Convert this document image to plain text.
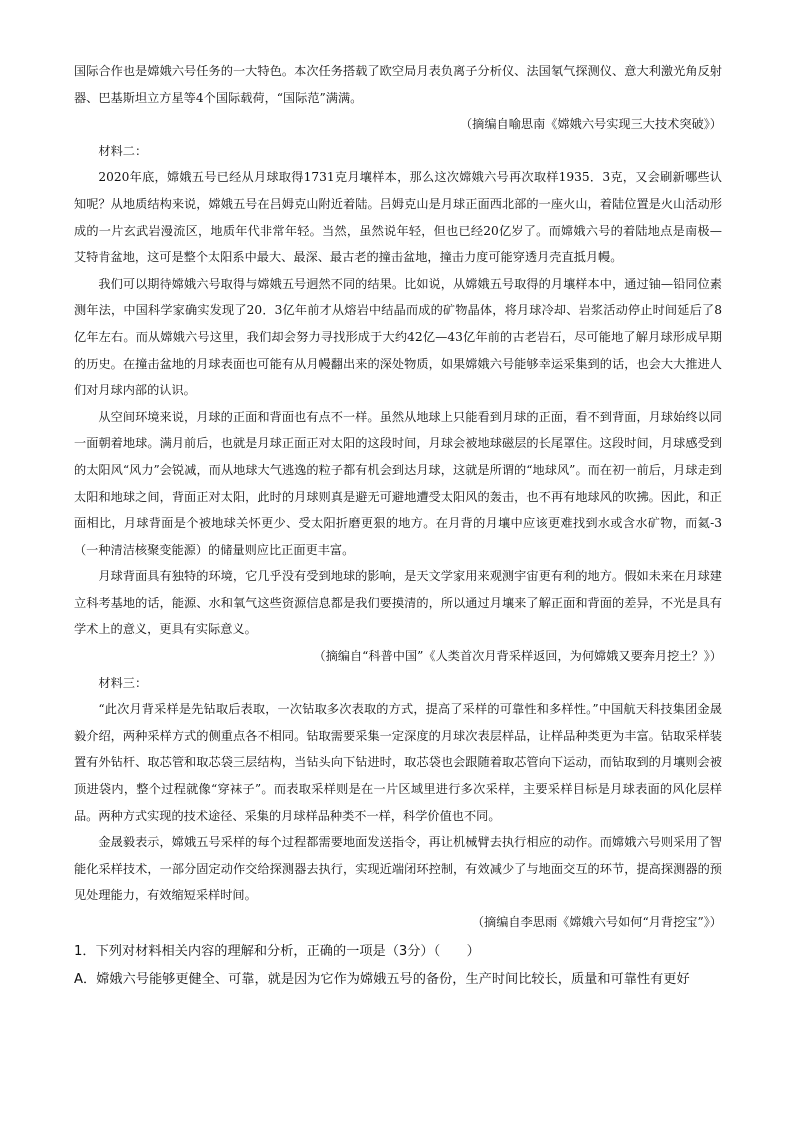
国际合作也是嫦娥六号任务的一大特色。本次任务搭载了欧空局月表负离子分析仪、法国氡气探测仪、意大利激光角反射器、巴基斯坦立方星等4个国际载荷，“国际范”满满。

（摘编自喻思南《嫦娥六号实现三大技术突破》）

材料二：

2020年底，嫦娥五号已经从月球取得1731克月壤样本，那么这次嫦娥六号再次取样1935．3克，又会刷新哪些认知呢？从地质结构来说，嫦娥五号在吕姆克山附近着陆。吕姆克山是月球正面西北部的一座火山，着陆位置是火山活动形成的一片玄武岩漫流区，地质年代非常年轻。当然，虽然说年轻，但也已经20亿岁了。而嫦娥六号的着陆地点是南极—艾特肯盆地，这可是整个太阳系中最大、最深、最古老的撞击盆地，撞击力度可能穿透月壳直抵月幔。

我们可以期待嫦娥六号取得与嫦娥五号迥然不同的结果。比如说，从嫦娥五号取得的月壤样本中，通过铀—铅同位素测年法，中国科学家确实发现了20．3亿年前才从熔岩中结晶而成的矿物晶体，将月球冷却、岩浆活动停止时间延后了8亿年左右。而从嫦娥六号这里，我们却会努力寻找形成于大约42亿—43亿年前的古老岩石，尽可能地了解月球形成早期的历史。在撞击盆地的月球表面也可能有从月幔翻出来的深处物质，如果嫦娥六号能够幸运采集到的话，也会大大推进人们对月球内部的认识。

从空间环境来说，月球的正面和背面也有点不一样。虽然从地球上只能看到月球的正面，看不到背面，月球始终以同一面朝着地球。满月前后，也就是月球正面正对太阳的这段时间，月球会被地球磁层的长尾罩住。这段时间，月球感受到的太阳风“风力”会锐减，而从地球大气逃逸的粒子都有机会到达月球，这就是所谓的“地球风”。而在初一前后，月球走到太阳和地球之间，背面正对太阳，此时的月球则真是避无可避地遭受太阳风的轰击，也不再有地球风的吹拂。因此，和正面相比，月球背面是个被地球关怀更少、受太阳折磨更狠的地方。在月背的月壤中应该更难找到水或含水矿物，而氦-3（一种清洁核聚变能源）的储量则应比正面更丰富。

月球背面具有独特的环境，它几乎没有受到地球的影响，是天文学家用来观测宇宙更有利的地方。假如未来在月球建立科考基地的话，能源、水和氧气这些资源信息都是我们要摸清的，所以通过月壤来了解正面和背面的差异，不光是具有学术上的意义，更具有实际意义。

（摘编自“科普中国”《人类首次月背采样返回，为何嫦娥又要奔月挖土？》）

材料三：

“此次月背采样是先钻取后表取，一次钻取多次表取的方式，提高了采样的可靠性和多样性。”中国航天科技集团金晟毅介绍，两种采样方式的侧重点各不相同。钻取需要采集一定深度的月球次表层样品，让样品种类更为丰富。钻取采样装置有外钻杆、取芯管和取芯袋三层结构，当钻头向下钻进时，取芯袋也会跟随着取芯管向下运动，而钻取到的月壤则会被顶进袋内，整个过程就像“穿袜子”。而表取采样则是在一片区域里进行多次采样，主要采样目标是月球表面的风化层样品。两种方式实现的技术途径、采集的月球样品种类不一样，科学价值也不同。

金晟毅表示，嫦娥五号采样的每个过程都需要地面发送指令，再让机械臂去执行相应的动作。而嫦娥六号则采用了智能化采样技术，一部分固定动作交给探测器去执行，实现近端闭环控制，有效减少了与地面交互的环节，提高探测器的预见处理能力，有效缩短采样时间。

（摘编自李思雨《嫦娥六号如何“月背挖宝”》）

1．下列对材料相关内容的理解和分析，正确的一项是（3分）（　　）

A．嫦娥六号能够更健全、可靠，就是因为它作为嫦娥五号的备份，生产时间比较长，质量和可靠性有更好
